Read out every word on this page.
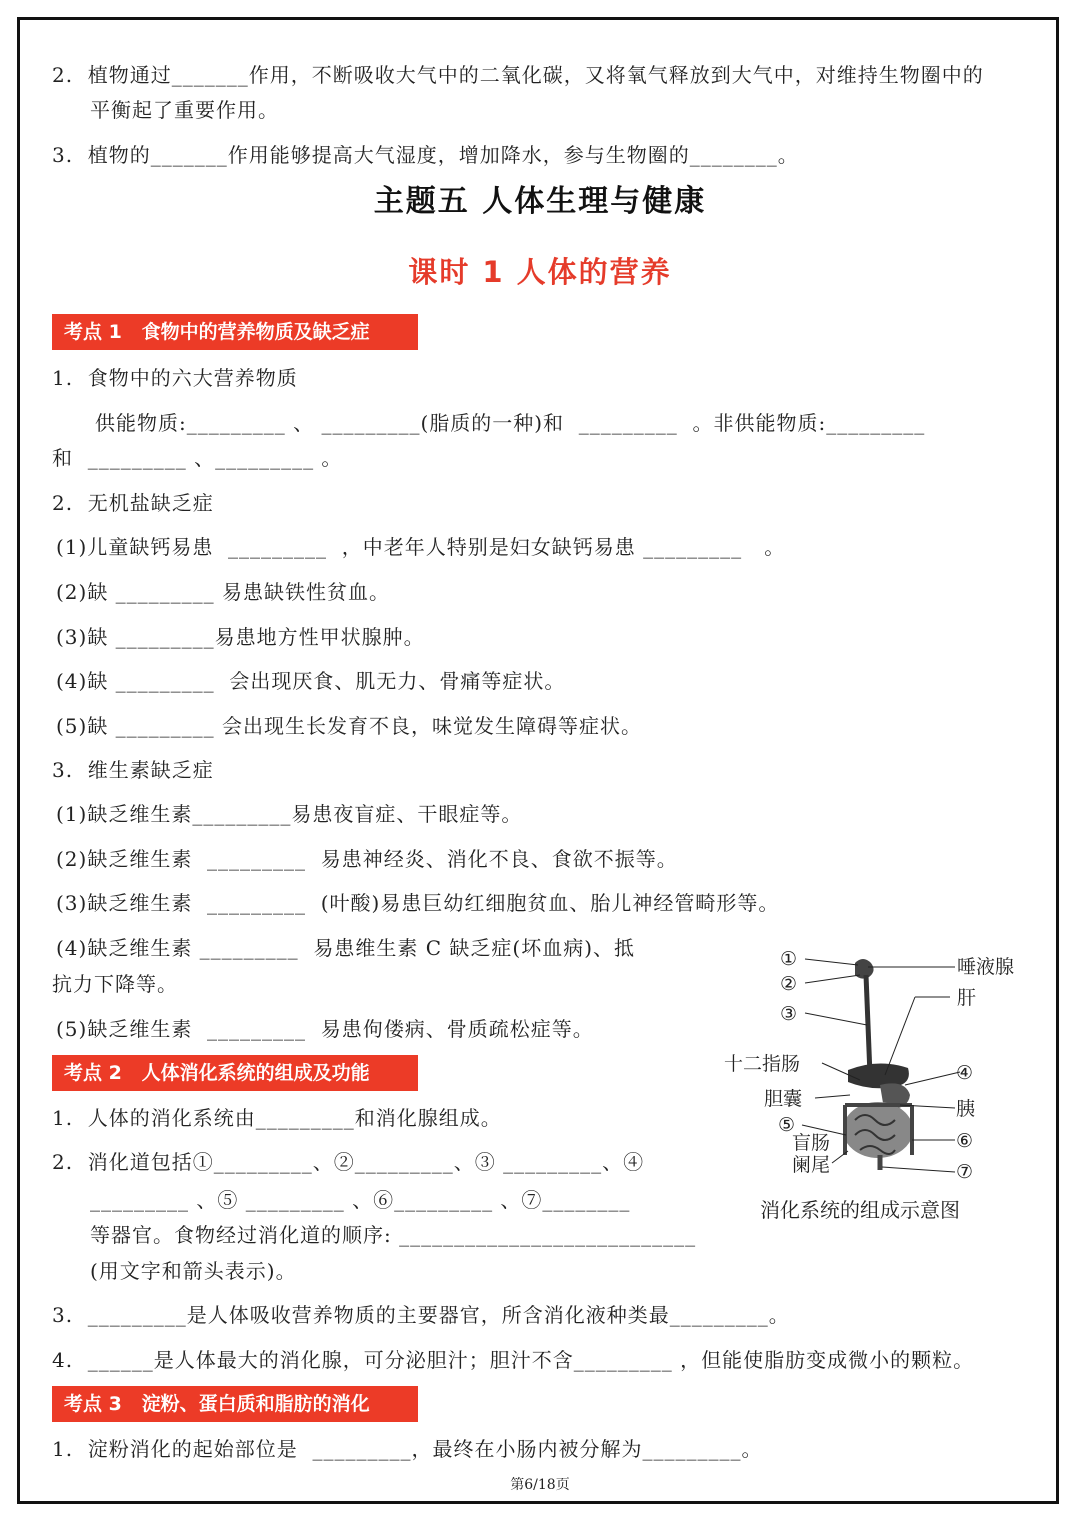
2.  植物通过_______作用，不断吸收大气中的二氧化碳，又将氧气释放到大气中，对维持生物圈中的
平衡起了重要作用。
3.  植物的_______作用能够提高大气湿度，增加降水，参与生物圈的________。
主题五 人体生理与健康
课时 1 人体的营养
考点 1   食物中的营养物质及缺乏症
1.  食物中的六大营养物质
供能物质:_________ 、 _________(脂质的一种)和  _________  。非供能物质:_________
和  _________ 、_________ 。
2.  无机盐缺乏症
(1)儿童缺钙易患  _________  ，中老年人特别是妇女缺钙易患 _________   。
(2)缺 _________ 易患缺铁性贫血。
(3)缺 _________易患地方性甲状腺肿。
(4)缺 _________  会出现厌食、肌无力、骨痛等症状。
(5)缺 _________ 会出现生长发育不良，味觉发生障碍等症状。
3.  维生素缺乏症
(1)缺乏维生素_________易患夜盲症、干眼症等。
(2)缺乏维生素  _________  易患神经炎、消化不良、食欲不振等。
(3)缺乏维生素  _________  (叶酸)易患巨幼红细胞贫血、胎儿神经管畸形等。
(4)缺乏维生素 _________  易患维生素 C 缺乏症(坏血病)、抵
抗力下降等。
(5)缺乏维生素  _________  易患佝偻病、骨质疏松症等。
考点 2   人体消化系统的组成及功能
1.  人体的消化系统由_________和消化腺组成。
2.  消化道包括①_________、②_________、③ _________、④
_________ 、⑤ _________ 、⑥_________ 、⑦________
等器官。食物经过消化道的顺序: ___________________________
(用文字和箭头表示)。
3.  _________是人体吸收营养物质的主要器官，所含消化液种类最_________。
4.  ______是人体最大的消化腺，可分泌胆汁；胆汁不含_________ ，但能使脂肪变成微小的颗粒。
考点 3   淀粉、蛋白质和脂肪的消化
1.  淀粉消化的起始部位是  _________，最终在小肠内被分解为_________。
①
②
③
唾液腺
肝
十二指肠	④
胆囊	胰
⑤
盲肠	⑥
阑尾	⑦
消化系统的组成示意图
第6/18页
